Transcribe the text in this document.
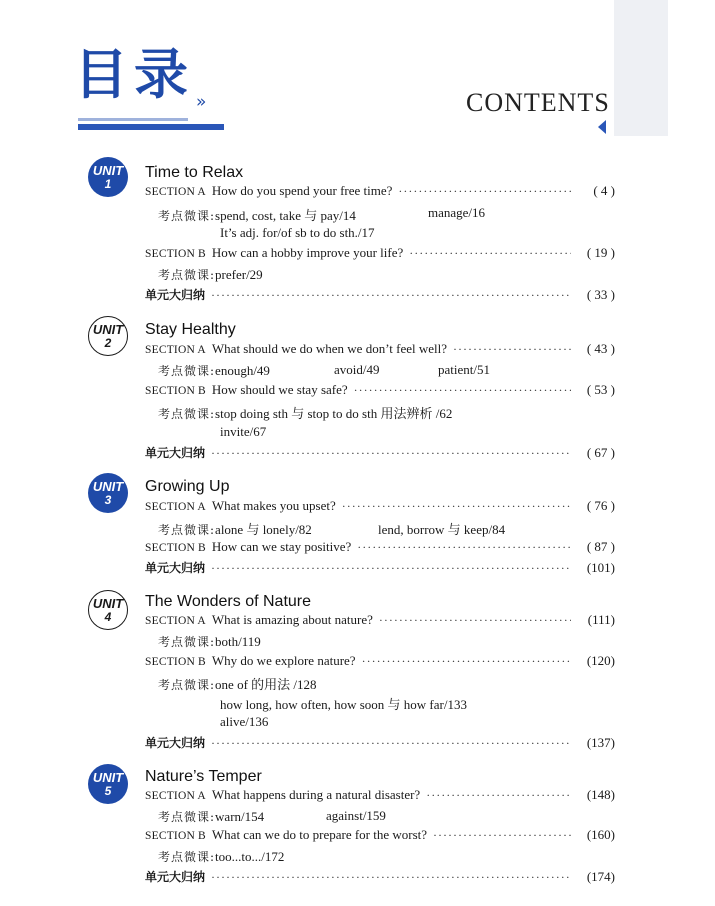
目录 »	CONTENTS
UNIT
1
Time to Relax
SECTION A How do you spend your free time? ·····	( 4 )
考点微课:spend, cost, take 与 pay/14	manage/16
It’s adj. for/of sb to do sth./17
SECTION B How can a hobby improve your life? ·····	( 19 )
考点微课:prefer/29
单元大归纳 ·····	( 33 )
UNIT
2
Stay Healthy
SECTION A What should we do when we don’t feel well? ·····	( 43 )
考点微课:enough/49	avoid/49	patient/51
SECTION B How should we stay safe? ·····	( 53 )
考点微课:stop doing sth 与 stop to do sth 用法辨析 /62
invite/67
单元大归纳 ·····	( 67 )
UNIT
3
Growing Up
SECTION A What makes you upset? ·····	( 76 )
考点微课:alone 与 lonely/82	lend, borrow 与 keep/84
SECTION B How can we stay positive? ·····	( 87 )
单元大归纳 ·····	(101)
UNIT
4
The Wonders of Nature
SECTION A What is amazing about nature? ·····	(111)
考点微课:both/119
SECTION B Why do we explore nature? ·····	(120)
考点微课:one of 的用法 /128
how long, how often, how soon 与 how far/133
alive/136
单元大归纳 ·····	(137)
UNIT
5
Nature’s Temper
SECTION A What happens during a natural disaster? ·····	(148)
考点微课:warn/154	against/159
SECTION B What can we do to prepare for the worst? ·····	(160)
考点微课:too...to.../172
单元大归纳 ·····	(174)
